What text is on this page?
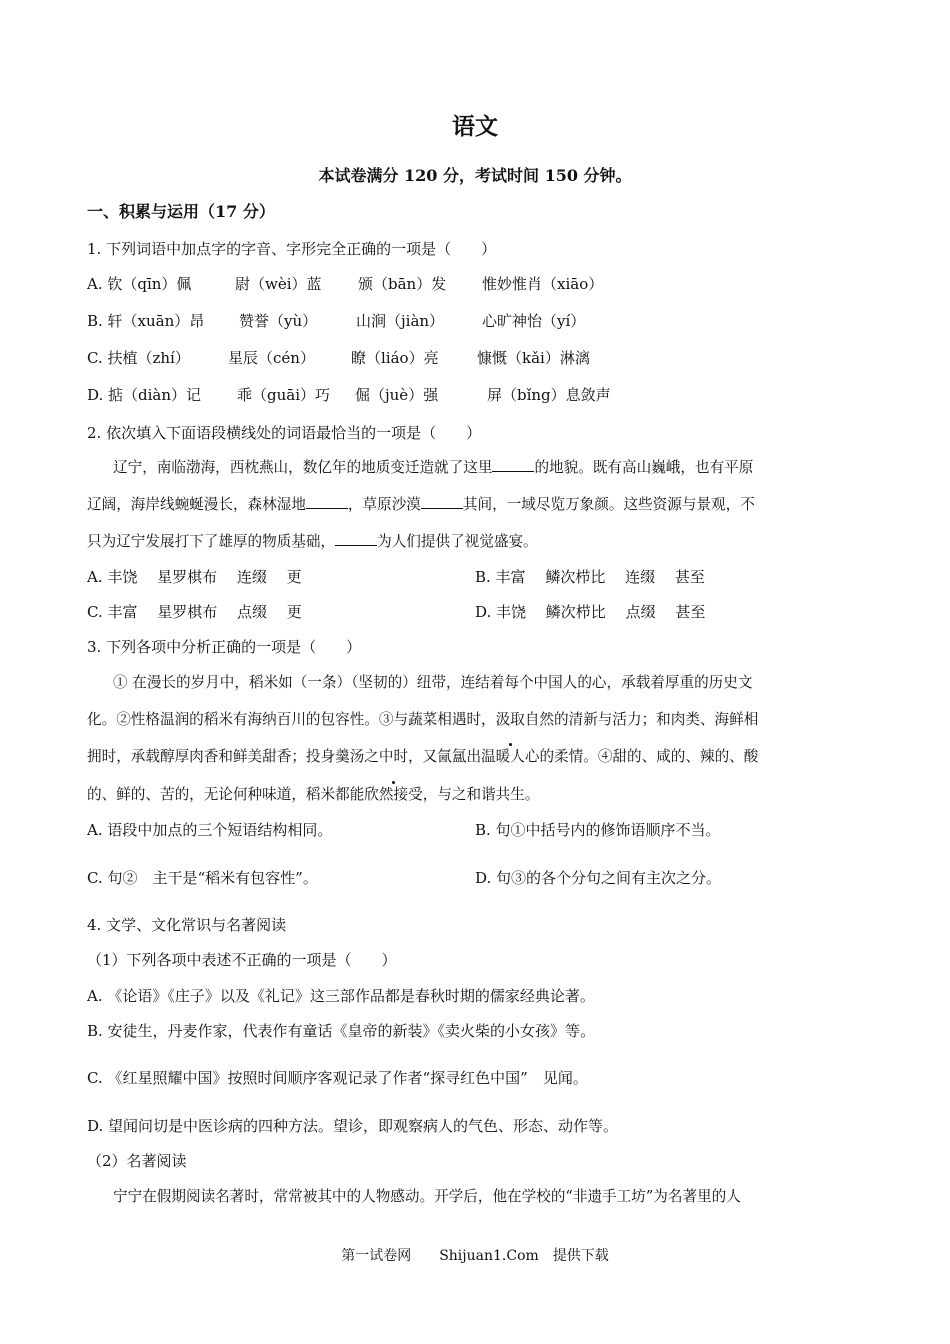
语文
本试卷满分 120 分，考试时间 150 分钟。
一、积累与运用（17 分）
1. 下列词语中加点字的字音、字形完全正确的一项是（　　）
A. 钦（qīn）佩	尉（wèi）蓝 颁（bān）发 惟妙惟肖（xiāo）
B. 轩（xuān）昂 赞誉（yù）	山涧（jiàn）	心旷神怡（yí）
C. 扶植（zhí）	星辰（cén） 瞭（liáo）亮	慷慨（kǎi）淋漓
D. 掂（diàn）记 乖（guāi）巧 倔（juè）强	屏（bǐng）息敛声
2. 依次填入下面语段横线处的词语最恰当的一项是（　　）
辽宁，南临渤海，西枕燕山，数亿年的地质变迁造就了这里	的地貌。既有高山巍峨，也有平原
辽阔，海岸线蜿蜒漫长，森林湿地	，草原沙漠	其间，一域尽览万象颜。这些资源与景观，不
只为辽宁发展打下了雄厚的物质基础，	为人们提供了视觉盛宴。
A. 丰饶　 星罗棋布　 连缀　 更	B. 丰富　 鳞次栉比　 连缀　 甚至
C. 丰富　 星罗棋布　 点缀　 更	D. 丰饶　 鳞次栉比　 点缀　 甚至
3. 下列各项中分析正确的一项是（　　）
① 在漫长的岁月中，稻米如（一条）（坚韧的）纽带，连结着每个中国人的心，承载着厚重的历史文
化。②性格温润的稻米有海纳百川的包容性。③与蔬菜相遇时，汲取自然的清新与活力；和肉类、海鲜相
拥时，承载醇厚肉香和鲜美甜香；投身羹汤之中时，又氤氲出温暖人心的柔情。④甜的、咸的、辣的、酸
的、鲜的、苦的，无论何种味道，稻米都能欣然接受，与之和谐共生。
A. 语段中加点的三个短语结构相同。	B. 句①中括号内的修饰语顺序不当。
C. 句②　主干是“稻米有包容性”。	D. 句③的各个分句之间有主次之分。
4. 文学、文化常识与名著阅读
（1）下列各项中表述不正确的一项是（　　）
A. 《论语》《庄子》以及《礼记》这三部作品都是春秋时期的儒家经典论著。
B. 安徒生，丹麦作家，代表作有童话《皇帝的新装》《卖火柴的小女孩》等。
C. 《红星照耀中国》按照时间顺序客观记录了作者“探寻红色中国”　见闻。
D. 望闻问切是中医诊病的四种方法。望诊，即观察病人的气色、形态、动作等。
（2）名著阅读
宁宁在假期阅读名著时，常常被其中的人物感动。开学后，他在学校的“非遗手工坊”为名著里的人
第一试卷网　　Shijuan1.Com　提供下载
